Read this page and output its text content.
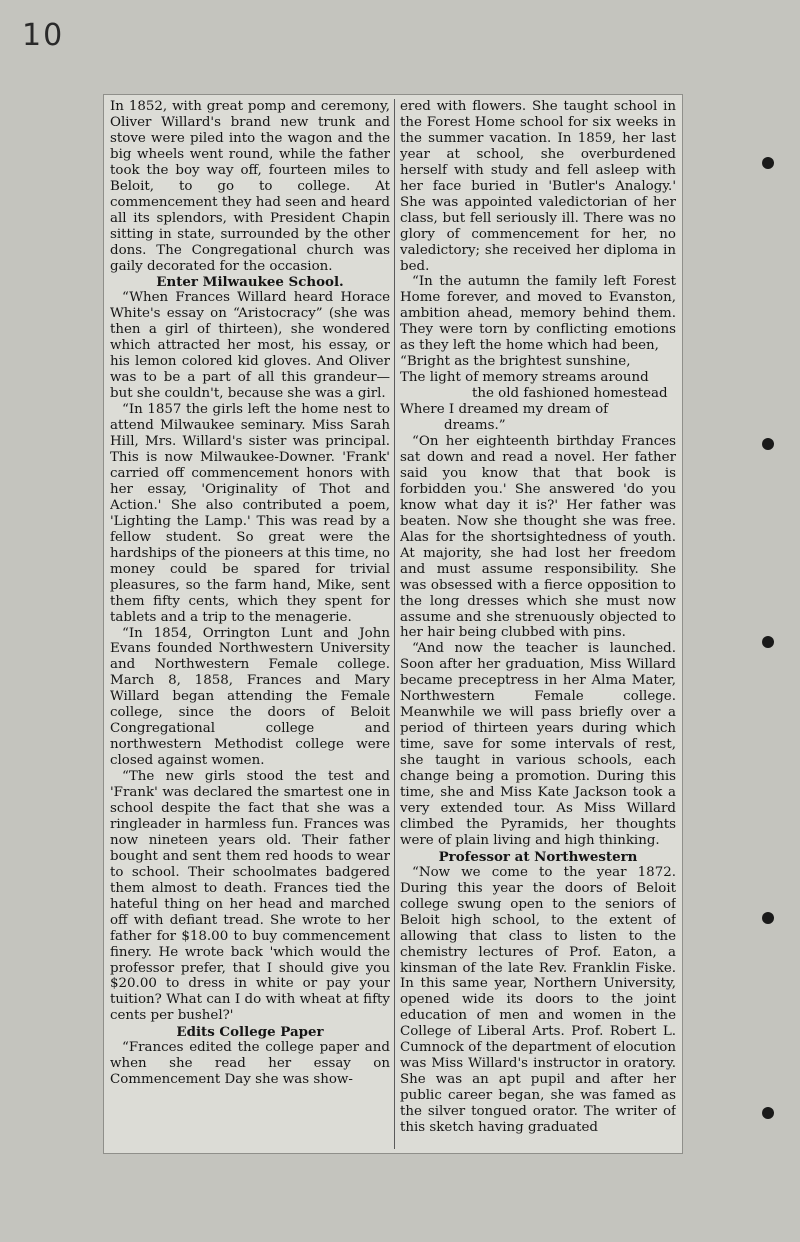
10

In 1852, with great pomp and ceremony, Oliver Willard's brand new trunk and stove were piled into the wagon and the big wheels went round, while the father took the boy way off, fourteen miles to Beloit, to go to college. At commencement they had seen and heard all its splendors, with President Chapin sitting in state, surrounded by the other dons. The Congregational church was gaily decorated for the occasion.

Enter Milwaukee School.

“When Frances Willard heard Horace White's essay on “Aristocracy” (she was then a girl of thirteen), she wondered which attracted her most, his essay, or his lemon colored kid gloves. And Oliver was to be a part of all this grandeur—but she couldn't, because she was a girl.

“In 1857 the girls left the home nest to attend Milwaukee seminary. Miss Sarah Hill, Mrs. Willard's sister was principal. This is now Milwaukee-Downer. 'Frank' carried off commencement honors with her essay, 'Originality of Thot and Action.' She also contributed a poem, 'Lighting the Lamp.' This was read by a fellow student. So great were the hardships of the pioneers at this time, no money could be spared for trivial pleasures, so the farm hand, Mike, sent them fifty cents, which they spent for tablets and a trip to the menagerie.

“In 1854, Orrington Lunt and John Evans founded Northwestern University and Northwestern Female college. March 8, 1858, Frances and Mary Willard began attending the Female college, since the doors of Beloit Congregational college and northwestern Methodist college were closed against women.

“The new girls stood the test and 'Frank' was declared the smartest one in school despite the fact that she was a ringleader in harmless fun. Frances was now nineteen years old. Their father bought and sent them red hoods to wear to school. Their schoolmates badgered them almost to death. Frances tied the hateful thing on her head and marched off with defiant tread. She wrote to her father for $18.00 to buy commencement finery. He wrote back 'which would the professor prefer, that I should give you $20.00 to dress in white or pay your tuition? What can I do with wheat at fifty cents per bushel?'

Edits College Paper

“Frances edited the college paper and when she read her essay on Commencement Day she was show-

ered with flowers. She taught school in the Forest Home school for six weeks in the summer vacation. In 1859, her last year at school, she overburdened herself with study and fell asleep with her face buried in 'Butler's Analogy.' She was appointed valedictorian of her class, but fell seriously ill. There was no glory of commencement for her, no valedictory; she received her diploma in bed.

“In the autumn the family left Forest Home forever, and moved to Evanston, ambition ahead, memory behind them. They were torn by conflicting emotions as they left the home which had been,

“Bright as the brightest sunshine,
The light of memory streams around
the old fashioned homestead
Where I dreamed my dream of
dreams.”

“On her eighteenth birthday Frances sat down and read a novel. Her father said you know that that book is forbidden you.' She answered 'do you know what day it is?' Her father was beaten. Now she thought she was free. Alas for the shortsightedness of youth. At majority, she had lost her freedom and must assume responsibility. She was obsessed with a fierce opposition to the long dresses which she must now assume and she strenuously objected to her hair being clubbed with pins.

“And now the teacher is launched. Soon after her graduation, Miss Willard became preceptress in her Alma Mater, Northwestern Female college. Meanwhile we will pass briefly over a period of thirteen years during which time, save for some intervals of rest, she taught in various schools, each change being a promotion. During this time, she and Miss Kate Jackson took a very extended tour. As Miss Willard climbed the Pyramids, her thoughts were of plain living and high thinking.

Professor at Northwestern

“Now we come to the year 1872. During this year the doors of Beloit college swung open to the seniors of Beloit high school, to the extent of allowing that class to listen to the chemistry lectures of Prof. Eaton, a kinsman of the late Rev. Franklin Fiske. In this same year, Northern University, opened wide its doors to the joint education of men and women in the College of Liberal Arts. Prof. Robert L. Cumnock of the department of elocution was Miss Willard's instructor in oratory. She was an apt pupil and after her public career began, she was famed as the silver tongued orator. The writer of this sketch having graduated
